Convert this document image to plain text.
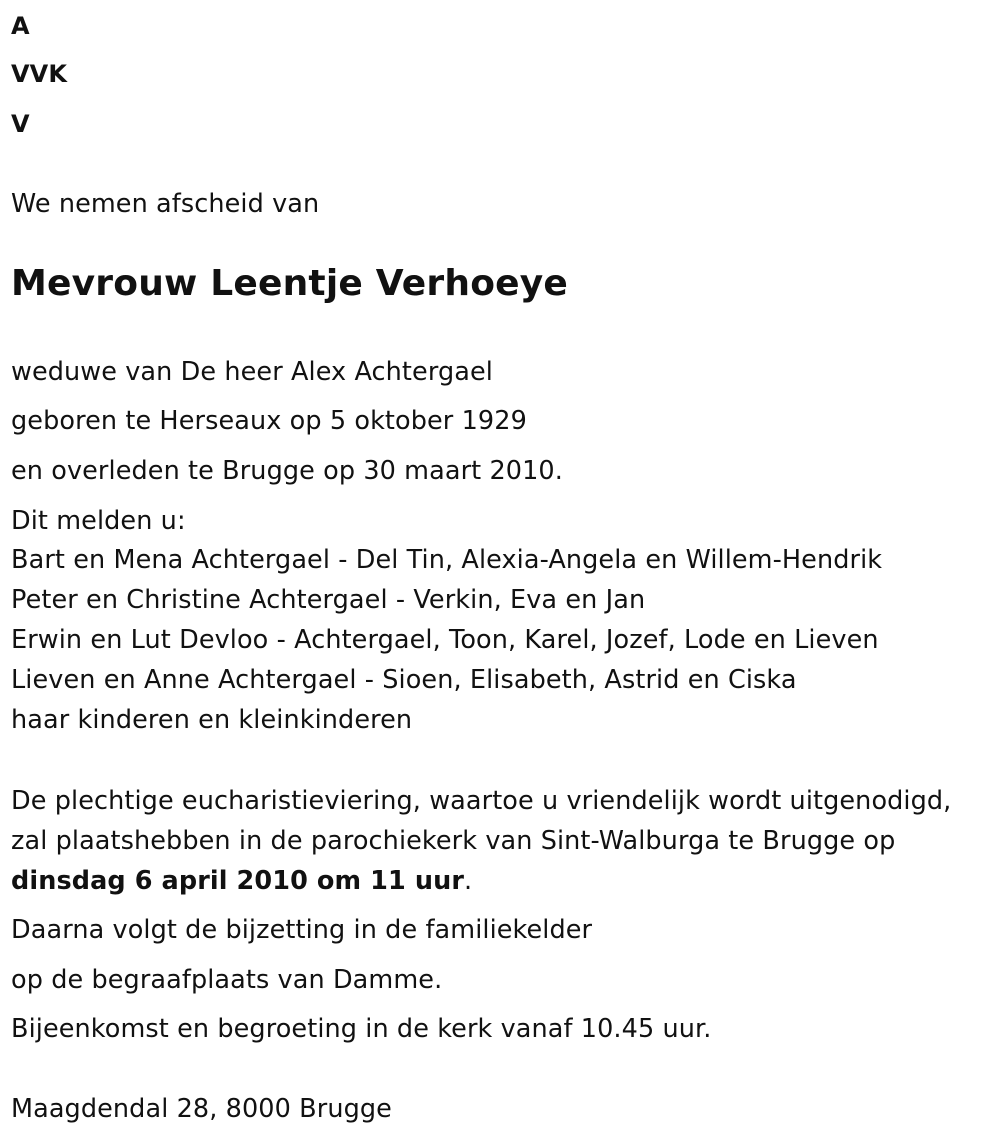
A
VVK
V
We nemen afscheid van
Mevrouw Leentje Verhoeye
weduwe van De heer Alex Achtergael
geboren te Herseaux op 5 oktober 1929
en overleden te Brugge op 30 maart 2010.
Dit melden u:
Bart en Mena Achtergael - Del Tin, Alexia-Angela en Willem-Hendrik
Peter en Christine Achtergael - Verkin, Eva en Jan
Erwin en Lut Devloo - Achtergael, Toon, Karel, Jozef, Lode en Lieven
Lieven en Anne Achtergael - Sioen, Elisabeth, Astrid en Ciska
haar kinderen en kleinkinderen
De plechtige eucharistieviering, waartoe u vriendelijk wordt uitgenodigd,
zal plaatshebben in de parochiekerk van Sint-Walburga te Brugge op
dinsdag 6 april 2010 om 11 uur.
Daarna volgt de bijzetting in de familiekelder
op de begraafplaats van Damme.
Bijeenkomst en begroeting in de kerk vanaf 10.45 uur.
Maagdendal 28, 8000 Brugge
